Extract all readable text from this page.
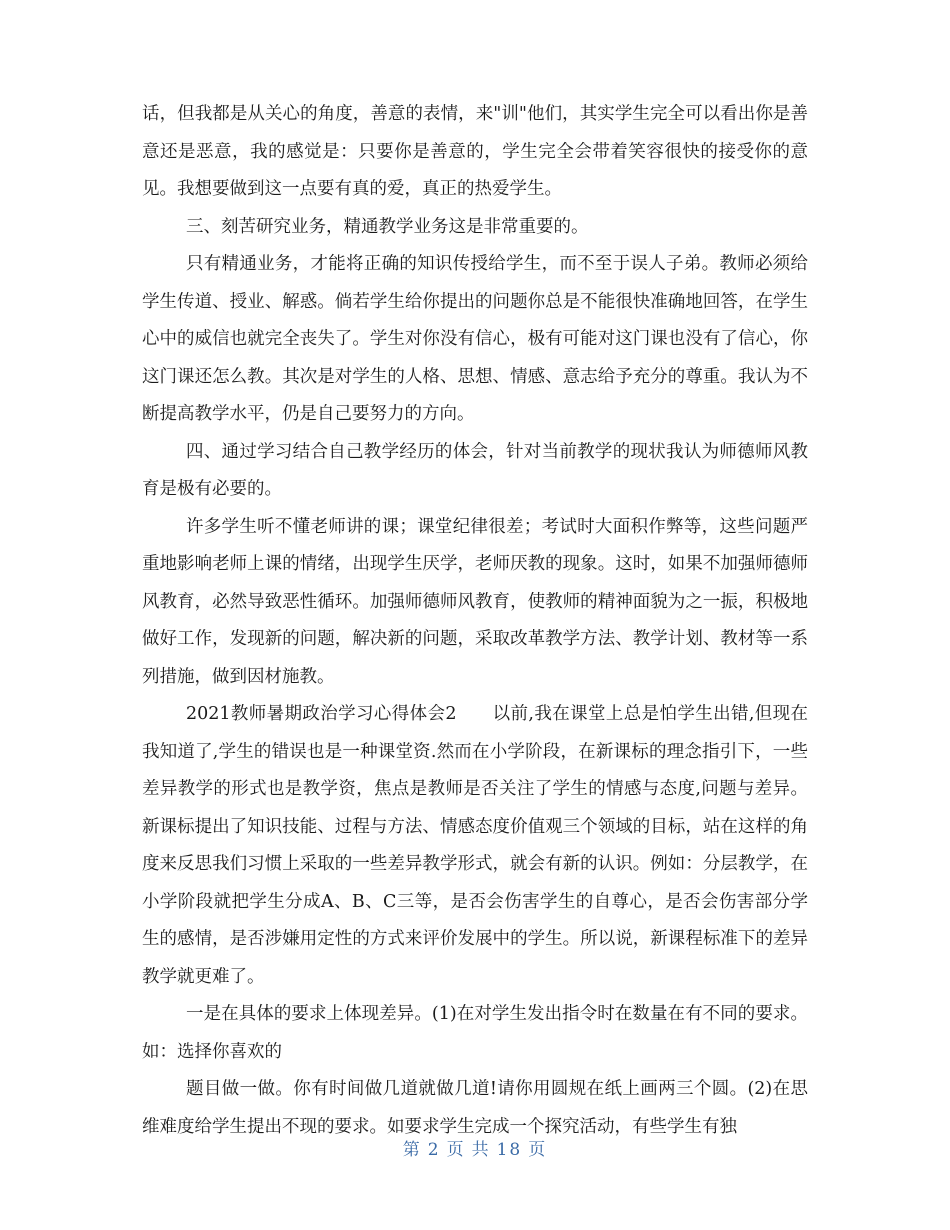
话，但我都是从关心的角度，善意的表情，来"训"他们，其实学生完全可以看出你是善意还是恶意，我的感觉是：只要你是善意的，学生完全会带着笑容很快的接受你的意见。我想要做到这一点要有真的爱，真正的热爱学生。

三、刻苦研究业务，精通教学业务这是非常重要的。

只有精通业务，才能将正确的知识传授给学生，而不至于误人子弟。教师必须给学生传道、授业、解惑。倘若学生给你提出的问题你总是不能很快准确地回答，在学生心中的威信也就完全丧失了。学生对你没有信心，极有可能对这门课也没有了信心，你这门课还怎么教。其次是对学生的人格、思想、情感、意志给予充分的尊重。我认为不断提高教学水平，仍是自己要努力的方向。

四、通过学习结合自己教学经历的体会，针对当前教学的现状我认为师德师风教育是极有必要的。

许多学生听不懂老师讲的课；课堂纪律很差；考试时大面积作弊等，这些问题严重地影响老师上课的情绪，出现学生厌学，老师厌教的现象。这时，如果不加强师德师风教育，必然导致恶性循环。加强师德师风教育，使教师的精神面貌为之一振，积极地做好工作，发现新的问题，解决新的问题，采取改革教学方法、教学计划、教材等一系列措施，做到因材施教。

2021教师暑期政治学习心得体会2　　以前,我在课堂上总是怕学生出错,但现在我知道了,学生的错误也是一种课堂资.然而在小学阶段，在新课标的理念指引下，一些差异教学的形式也是教学资，焦点是教师是否关注了学生的情感与态度,问题与差异。新课标提出了知识技能、过程与方法、情感态度价值观三个领域的目标，站在这样的角度来反思我们习惯上采取的一些差异教学形式，就会有新的认识。例如：分层教学，在小学阶段就把学生分成A、B、C三等，是否会伤害学生的自尊心，是否会伤害部分学生的感情，是否涉嫌用定性的方式来评价发展中的学生。所以说，新课程标准下的差异教学就更难了。

一是在具体的要求上体现差异。(1)在对学生发出指令时在数量在有不同的要求。如：选择你喜欢的

题目做一做。你有时间做几道就做几道!请你用圆规在纸上画两三个圆。(2)在思维难度给学生提出不现的要求。如要求学生完成一个探究活动，有些学生有独

第 2 页 共 18 页
